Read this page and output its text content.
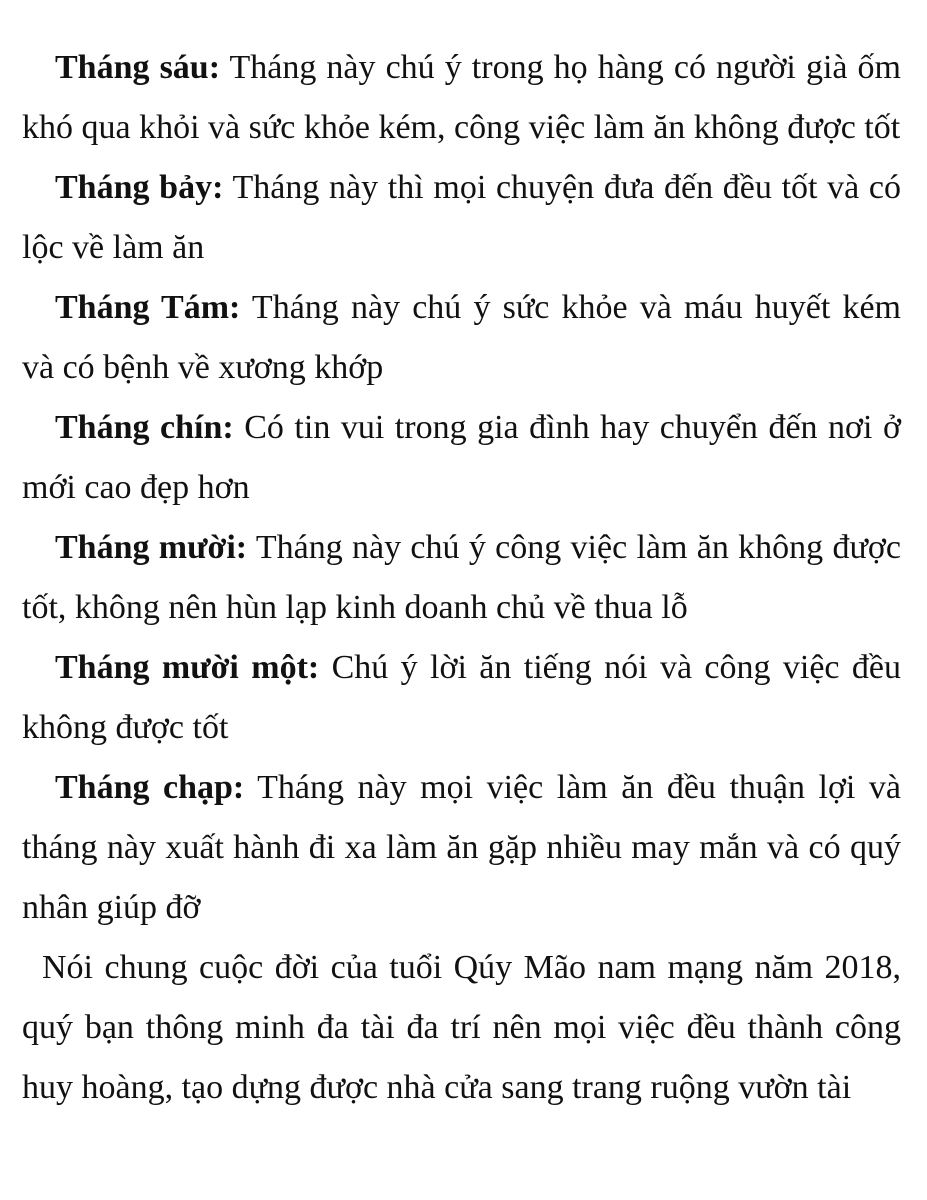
Tháng sáu: Tháng này chú ý trong họ hàng có người già ốm khó qua khỏi và sức khỏe kém, công việc làm ăn không được tốt

Tháng bảy: Tháng này thì mọi chuyện đưa đến đều tốt và có lộc về làm ăn

Tháng Tám: Tháng này chú ý sức khỏe và máu huyết kém và có bệnh về xương khớp

Tháng chín: Có tin vui trong gia đình hay chuyển đến nơi ở mới cao đẹp hơn

Tháng mười: Tháng này chú ý công việc làm ăn không được tốt, không nên hùn lạp kinh doanh chủ về thua lỗ

Tháng mười một: Chú ý lời ăn tiếng nói và công việc đều không được tốt

Tháng chạp: Tháng này mọi việc làm ăn đều thuận lợi và tháng này xuất hành đi xa làm ăn gặp nhiều may mắn và có quý nhân giúp đỡ

Nói chung cuộc đời của tuổi Qúy Mão nam mạng năm 2018, quý bạn thông minh đa tài đa trí nên mọi việc đều thành công huy hoàng, tạo dựng được nhà cửa sang trang ruộng vườn tài
